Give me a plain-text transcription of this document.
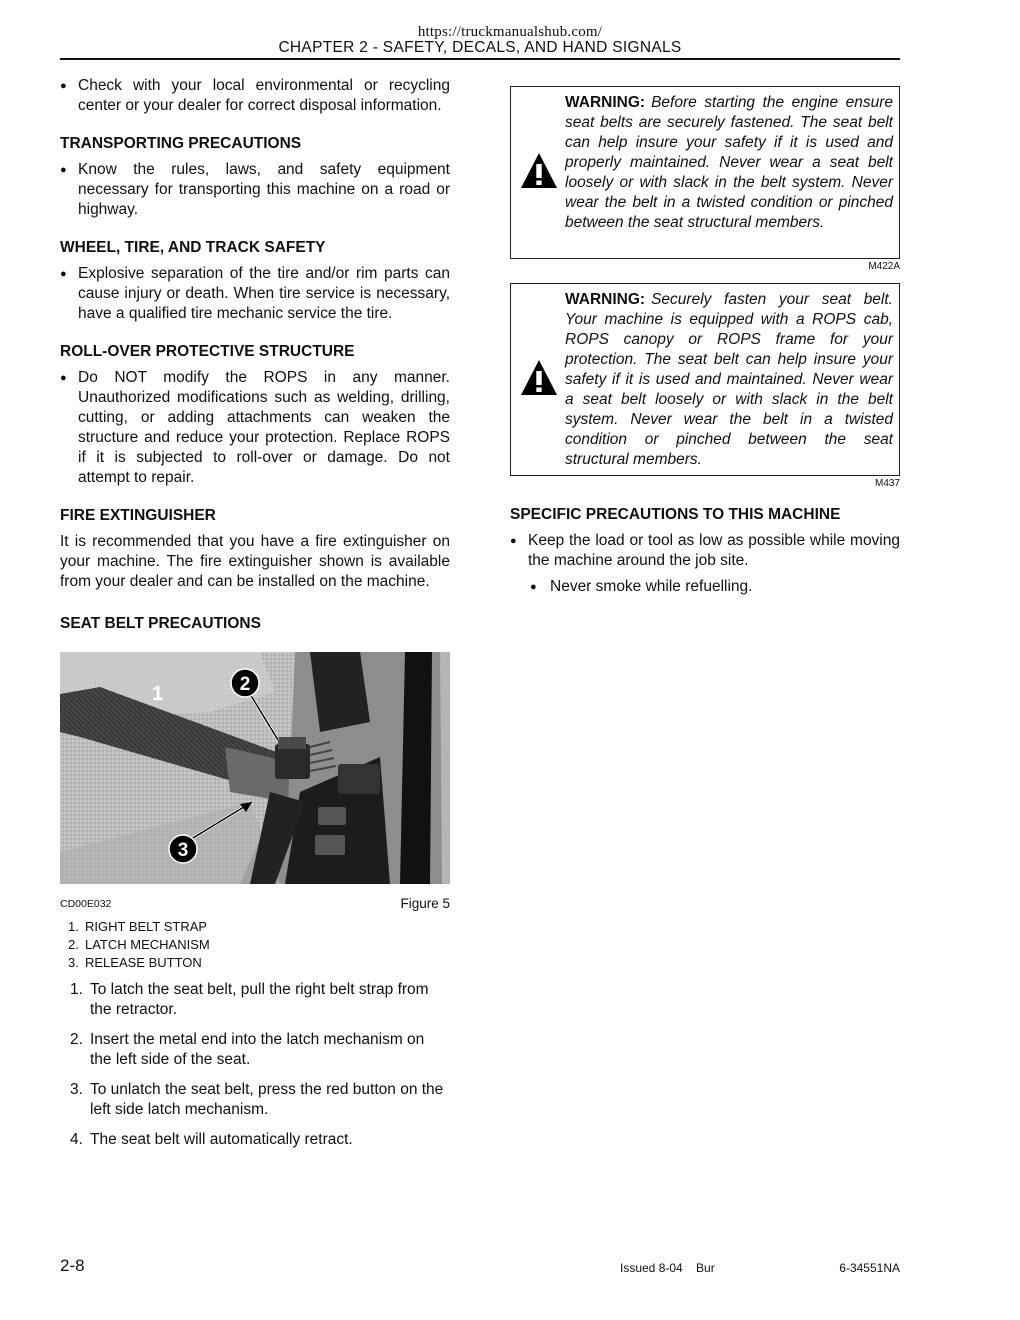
https://truckmanualshub.com/
CHAPTER 2 - SAFETY, DECALS, AND HAND SIGNALS
● Check with your local environmental or recycling center or your dealer for correct disposal information.
TRANSPORTING PRECAUTIONS
● Know the rules, laws, and safety equipment necessary for transporting this machine on a road or highway.
WHEEL, TIRE, AND TRACK SAFETY
● Explosive separation of the tire and/or rim parts can cause injury or death. When tire service is necessary, have a qualified tire mechanic service the tire.
ROLL-OVER PROTECTIVE STRUCTURE
● Do NOT modify the ROPS in any manner. Unauthorized modifications such as welding, drilling, cutting, or adding attachments can weaken the structure and reduce your protection. Replace ROPS if it is subjected to roll-over or damage. Do not attempt to repair.
FIRE EXTINGUISHER
It is recommended that you have a fire extinguisher on your machine. The fire extinguisher shown is available from your dealer and can be installed on the machine.
SEAT BELT PRECAUTIONS
1	2
3
CD00E032	Figure 5
1. RIGHT BELT STRAP
2. LATCH MECHANISM
3. RELEASE BUTTON
1. To latch the seat belt, pull the right belt strap from the retractor.
2. Insert the metal end into the latch mechanism on the left side of the seat.
3. To unlatch the seat belt, press the red button on the left side latch mechanism.
4. The seat belt will automatically retract.
WARNING: Before starting the engine ensure seat belts are securely fastened. The seat belt can help insure your safety if it is used and properly maintained. Never wear a seat belt loosely or with slack in the belt system. Never wear the belt in a twisted condition or pinched between the seat structural members.
M422A
WARNING: Securely fasten your seat belt. Your machine is equipped with a ROPS cab, ROPS canopy or ROPS frame for your protection. The seat belt can help insure your safety if it is used and maintained. Never wear a seat belt loosely or with slack in the belt system. Never wear the belt in a twisted condition or pinched between the seat structural members.
M437
SPECIFIC PRECAUTIONS TO THIS MACHINE
● Keep the load or tool as low as possible while moving the machine around the job site.
● Never smoke while refuelling.
2-8	Issued 8-04    Bur	6-34551NA
